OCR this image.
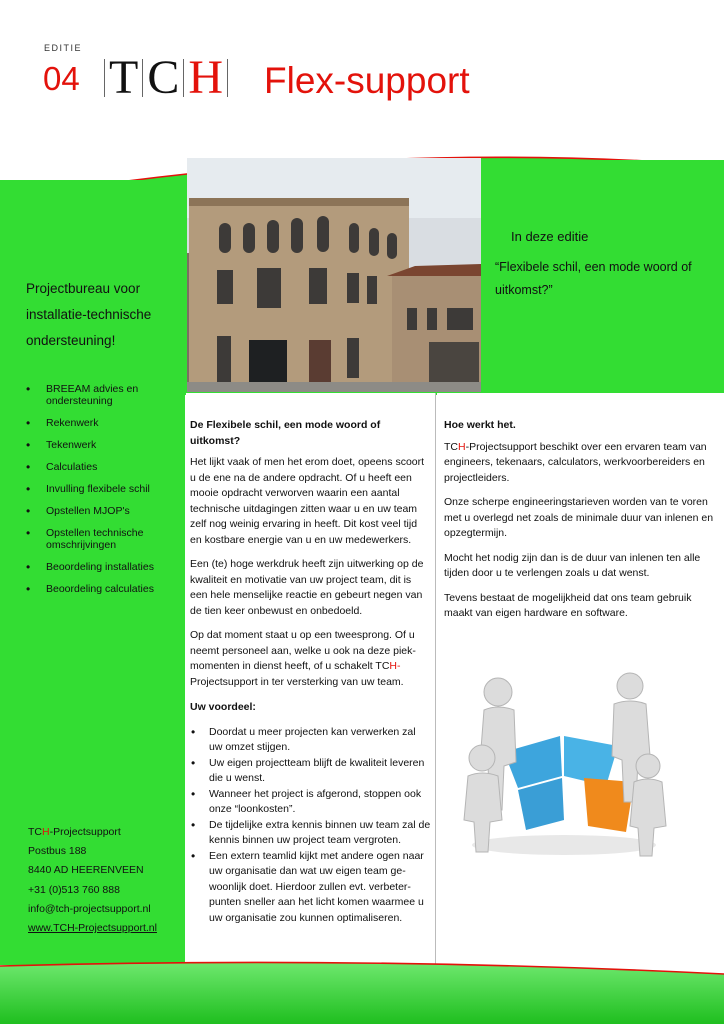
EDITIE
04 T C H Flex-support
Projectbureau voor installatie-technische ondersteuning!
• BREEAM advies en ondersteuning
• Rekenwerk
• Tekenwerk
• Calculaties
• Invulling flexibele schil
• Opstellen MJOP's
• Opstellen technische omschrijvingen
• Beoordeling installaties
• Beoordeling calculaties
TCH-Projectsupport
Postbus 188
8440 AD HEERENVEEN
+31 (0)513 760 888
info@tch-projectsupport.nl
www.TCH-Projectsupport.nl
In deze editie
“Flexibele schil, een mode woord of uitkomst?”
De Flexibele schil, een mode woord of uitkomst?

Het lijkt vaak of men het erom doet, opeens scoort u de ene na de andere opdracht. Of u heeft een mooie opdracht verworven waarin een aantal technische uitdagingen zitten waar u en uw team zelf nog weinig ervaring in heeft. Dit kost veel tijd en kostbare energie van u en uw medewerkers.

Een (te) hoge werkdruk heeft zijn uitwerking op de kwaliteit en motivatie van uw project team, dit is een hele menselijke reactie en gebeurt negen van de tien keer onbewust en onbedoeld.

Op dat moment staat u op een tweesprong. Of u neemt personeel aan, welke u ook na deze piek-momenten in dienst heeft, of u schakelt TCH-Projectsupport in ter versterking van uw team.

Uw voordeel:
• Doordat u meer projecten kan verwerken zal uw omzet stijgen.
• Uw eigen projectteam blijft de kwaliteit leveren die u wenst.
• Wanneer het project is afgerond, stoppen ook onze “loonkosten”.
• De tijdelijke extra kennis binnen uw team zal de kennis binnen uw project team vergroten.
• Een extern teamlid kijkt met andere ogen naar uw organisatie dan wat uw eigen team ge-woonlijk doet. Hierdoor zullen evt. verbeter-punten sneller aan het licht komen waarmee u uw organisatie zou kunnen optimaliseren.
Hoe werkt het.

TCH-Projectsupport beschikt over een ervaren team van engineers, tekenaars, calculators, werkvoorbereiders en projectleiders.

Onze scherpe engineeringstarieven worden van te voren met u overlegd net zoals de minimale duur van inlenen en opzegtermijn.

Mocht het nodig zijn dan is de duur van inlenen ten alle tijden door u te verlengen zoals u dat wenst.

Tevens bestaat de mogelijkheid dat ons team gebruik maakt van eigen hardware en software.
